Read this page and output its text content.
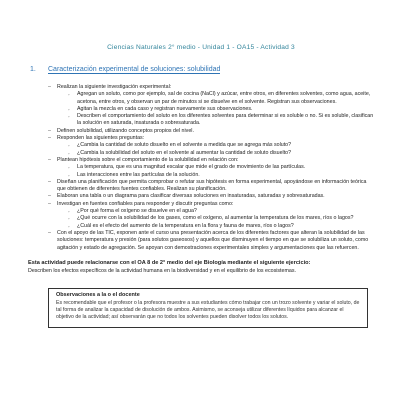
Ciencias Naturales 2° medio - Unidad 1 - OA15 - Actividad 3
1.	Caracterización experimental de soluciones: solubilidad
– Realizan la siguiente investigación experimental:
◦ Agregan un soluto, como por ejemplo, sal de cocina (NaCl) y azúcar, entre otros, en diferentes solventes, como agua, aceite, acetona, entre otros, y observan un par de minutos si se disuelve en el solvente. Registran sus observaciones.
◦ Agitan la mezcla en cada caso y registran nuevamente sus observaciones.
◦ Describen el comportamiento del soluto en los diferentes solventes para determinar si es soluble o no. Si es soluble, clasifican la solución en saturada, insaturada o sobresaturada.
– Definen solubilidad, utilizando conceptos propios del nivel.
– Responden las siguientes preguntas:
◦ ¿Cambia la cantidad de soluto disuelto en el solvente a medida que se agrega más soluto?
◦ ¿Cambia la solubilidad del soluto en el solvente al aumentar la cantidad de soluto disuelto?
– Plantean hipótesis sobre el comportamiento de la solubilidad en relación con:
◦ La temperatura, que es una magnitud escalar que mide el grado de movimiento de las partículas.
◦ Las interacciones entre las partículas de la solución.
– Diseñan una planificación que permita comprobar o refutar sus hipótesis en forma experimental, apoyándose en información teórica que obtienen de diferentes fuentes confiables. Realizan su planificación.
– Elaboran una tabla o un diagrama para clasificar diversas soluciones en insaturadas, saturadas y sobresaturadas.
– Investigan en fuentes confiables para responder y discutir preguntas como:
◦ ¿Por qué forma el oxígeno se disuelve en el agua?
◦ ¿Qué ocurre con la solubilidad de los gases, como el oxígeno, al aumentar la temperatura de los mares, ríos o lagos?
◦ ¿Cuál es el efecto del aumento de la temperatura en la flora y fauna de mares, ríos o lagos?
– Con el apoyo de las TIC, exponen ante el curso una presentación acerca de los diferentes factores que alteran la solubilidad de las soluciones: temperatura y presión (para solutos gaseosos) y aquellos que disminuyen el tiempo en que se solubiliza un soluto, como agitación y estado de agregación. Se apoyan con demostraciones experimentales simples y argumentaciones que las refuercen.
Esta actividad puede relacionarse con el OA 8 de 2° medio del eje Biología mediante el siguiente ejercicio:
Describen los efectos específicos de la actividad humana en la biodiversidad y en el equilibrio de los ecosistemas.
Observaciones a la o el docente
Es recomendable que el profesor o la profesora muestre a sus estudiantes cómo trabajar con un trozo solvente y variar el soluto, de tal forma de analizar la capacidad de disolución de ambos. Asimismo, se aconseja utilizar diferentes líquidos para alcanzar el objetivo de la actividad; así observarán que no todos los solventes pueden disolver todos los solutos.
